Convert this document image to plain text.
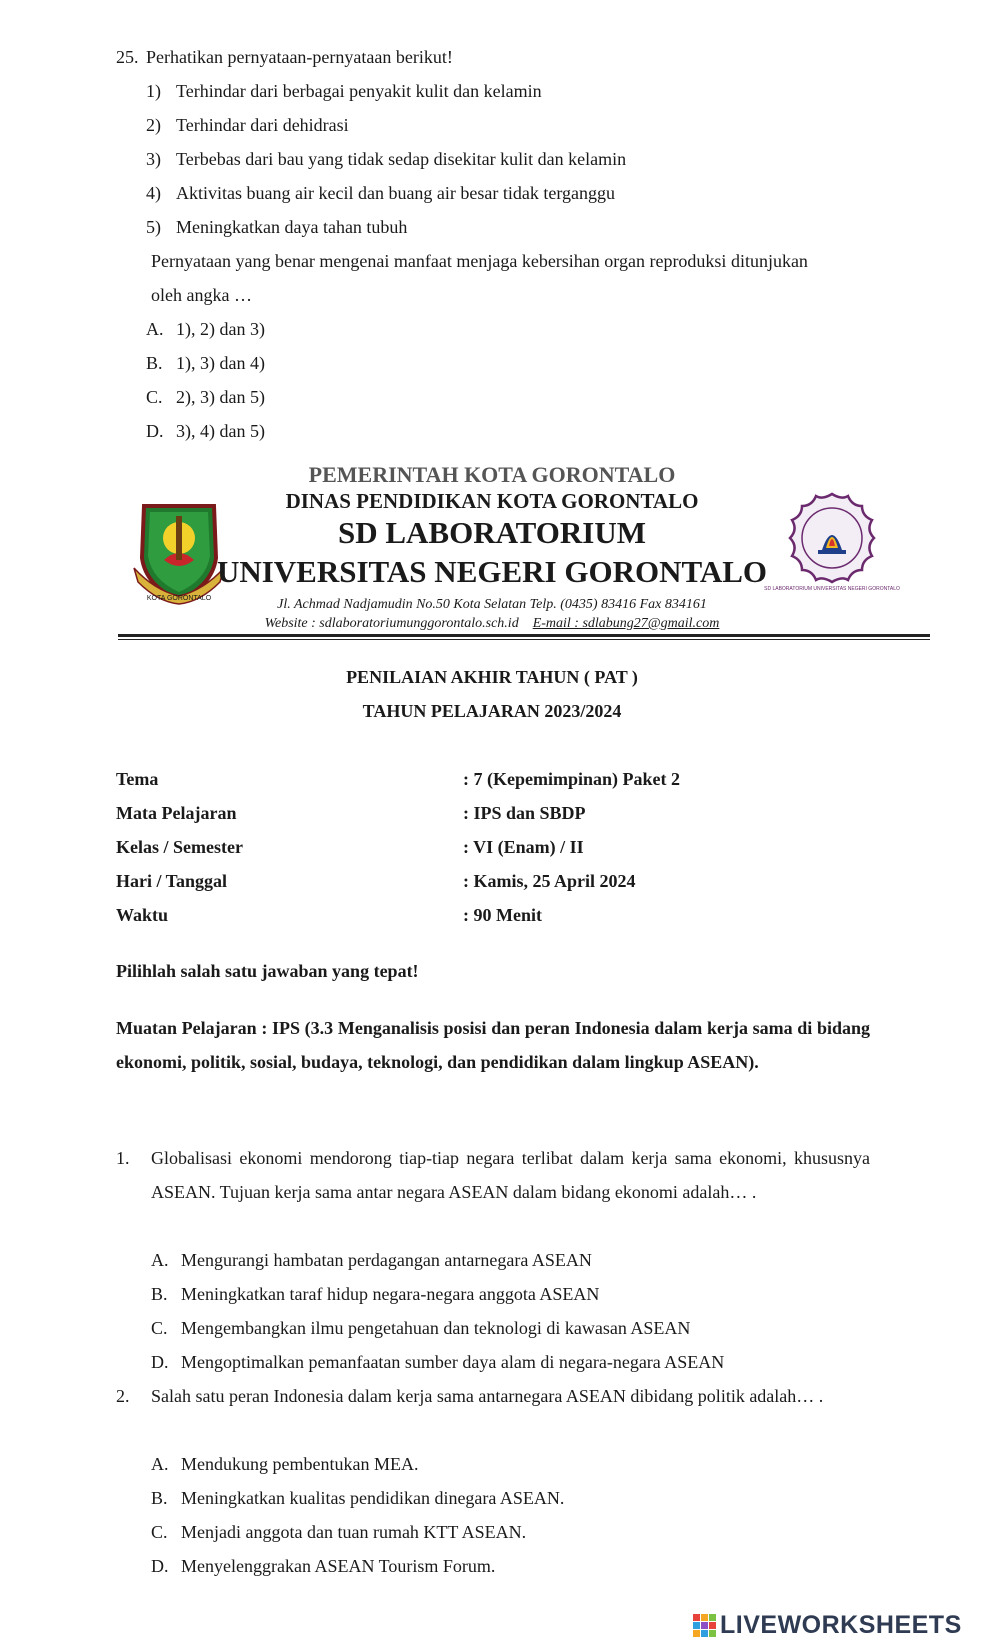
25. Perhatikan pernyataan-pernyataan berikut!
1) Terhindar dari berbagai penyakit kulit dan kelamin
2) Terhindar dari dehidrasi
3) Terbebas dari bau yang tidak sedap disekitar kulit dan kelamin
4) Aktivitas buang air kecil dan buang air besar tidak terganggu
5) Meningkatkan daya tahan tubuh
Pernyataan yang benar mengenai manfaat menjaga kebersihan organ reproduksi ditunjukan
oleh angka …
A. 1), 2) dan 3)
B. 1), 3) dan 4)
C. 2), 3) dan 5)
D. 3), 4) dan 5)
KOTA GORONTALO
SD LABORATORIUM UNIVERSITAS NEGERI GORONTALO
PEMERINTAH KOTA GORONTALO
DINAS PENDIDIKAN KOTA GORONTALO
SD LABORATORIUM
UNIVERSITAS NEGERI GORONTALO
Jl. Achmad Nadjamudin No.50 Kota Selatan Telp. (0435) 83416 Fax 834161
Website : sdlaboratoriumunggorontalo.sch.id E-mail : sdlabung27@gmail.com
PENILAIAN AKHIR TAHUN ( PAT )
TAHUN PELAJARAN 2023/2024
Tema	: 7 (Kepemimpinan) Paket 2
Mata Pelajaran	: IPS dan SBDP
Kelas / Semester	: VI (Enam) / II
Hari / Tanggal	: Kamis, 25 April 2024
Waktu	: 90 Menit
Pilihlah salah satu jawaban yang tepat!
Muatan Pelajaran : IPS (3.3 Menganalisis posisi dan peran Indonesia dalam kerja sama di bidang ekonomi, politik, sosial, budaya, teknologi, dan pendidikan dalam lingkup ASEAN).
1. Globalisasi ekonomi mendorong tiap-tiap negara terlibat dalam kerja sama ekonomi, khususnya ASEAN. Tujuan kerja sama antar negara ASEAN dalam bidang ekonomi adalah… .
A. Mengurangi hambatan perdagangan antarnegara ASEAN
B. Meningkatkan taraf hidup negara-negara anggota ASEAN
C. Mengembangkan ilmu pengetahuan dan teknologi di kawasan ASEAN
D. Mengoptimalkan pemanfaatan sumber daya alam di negara-negara ASEAN
2. Salah satu peran Indonesia dalam kerja sama antarnegara ASEAN dibidang politik adalah… .
A. Mendukung pembentukan MEA.
B. Meningkatkan kualitas pendidikan dinegara ASEAN.
C. Menjadi anggota dan tuan rumah KTT ASEAN.
D. Menyelenggrakan ASEAN Tourism Forum.
LIVEWORKSHEETS
